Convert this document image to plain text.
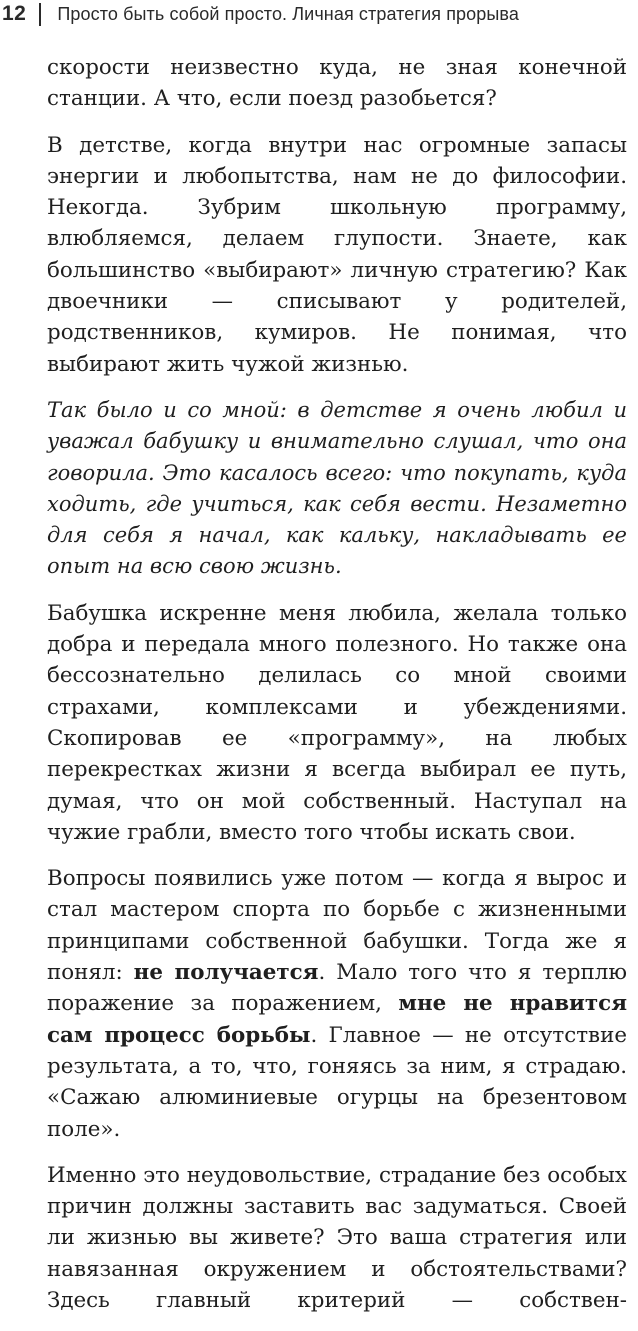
12 Просто быть собой просто. Личная стратегия прорыва

скорости неизвестно куда, не зная конечной станции. А что, если поезд разобьется?

В детстве, когда внутри нас огромные запасы энергии и любопытства, нам не до философии. Некогда. Зубрим школьную программу, влюбляемся, делаем глупости. Знаете, как большинство «выбирают» личную стратегию? Как двоечники — списывают у родителей, родственников, кумиров. Не понимая, что выбирают жить чужой жизнью.

Так было и со мной: в детстве я очень любил и уважал бабушку и внимательно слушал, что она говорила. Это касалось всего: что покупать, куда ходить, где учиться, как себя вести. Незаметно для себя я начал, как кальку, накладывать ее опыт на всю свою жизнь.

Бабушка искренне меня любила, желала только добра и передала много полезного. Но также она бессознательно делилась со мной своими страхами, комплексами и убеждениями. Скопировав ее «программу», на любых перекрестках жизни я всегда выбирал ее путь, думая, что он мой собственный. Наступал на чужие грабли, вместо того чтобы искать свои.

Вопросы появились уже потом — когда я вырос и стал мастером спорта по борьбе с жизненными принципами собственной бабушки. Тогда же я понял: не получается. Мало того что я терплю поражение за поражением, мне не нравится сам процесс борьбы. Главное — не отсутствие результата, а то, что, гоняясь за ним, я страдаю. «Сажаю алюминиевые огурцы на брезентовом поле».

Именно это неудовольствие, страдание без особых причин должны заставить вас задуматься. Своей ли жизнью вы живете? Это ваша стратегия или навязанная окружением и обстоятельствами? Здесь главный критерий — собствен-
